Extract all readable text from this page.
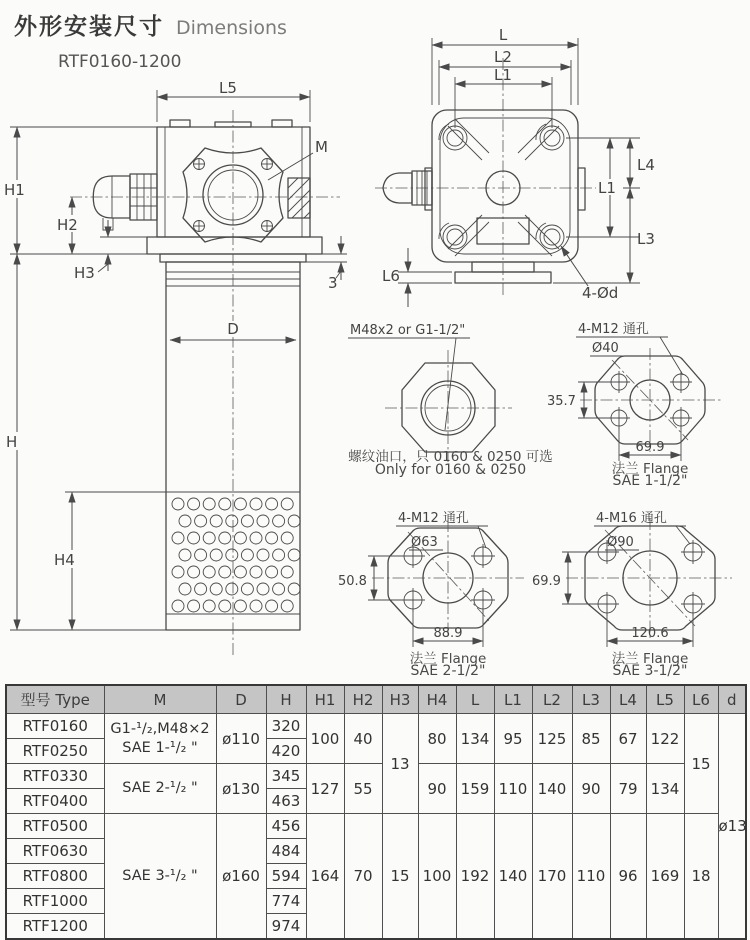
外形安装尺寸 Dimensions
RTF0160-1200
M
L5
H1
H
H2
H3
3
D
H4
L
L2
L1
L4
L1
L3
L6
4-Ød
M48x2 or G1-1/2"	4-M12 通孔
Ø40
35.7
69.9
4-M12 通孔
Ø63
50.8
88.9
4-M16 通孔
Ø90
69.9
120.6
螺纹油口，只 0160 & 0250 可选
Only for 0160 & 0250	法兰 Flange
SAE 1-1/2"
法兰 Flange
SAE 2-1/2"
法兰 Flange
SAE 3-1/2"
型号 Type	M	D	H	H1	H2	H3	H4	L	L1	L2	L3	L4	L5	L6	d
RTF0160	G1-¹/₂,M48×2
SAE 1-¹/₂ "	ø110	320	100	40	13	80	134	95	125	85	67	122	15	ø13
RTF0250			420												
RTF0330	SAE 2-¹/₂ "	ø130	345	127	55		90	159	110	140	90	79	134		
RTF0400			463												
RTF0500	SAE 3-¹/₂ "	ø160	456	164	70	15	100	192	140	170	110	96	169	18	
RTF0630			484												
RTF0800			594												
RTF1000			774												
RTF1200			974												
